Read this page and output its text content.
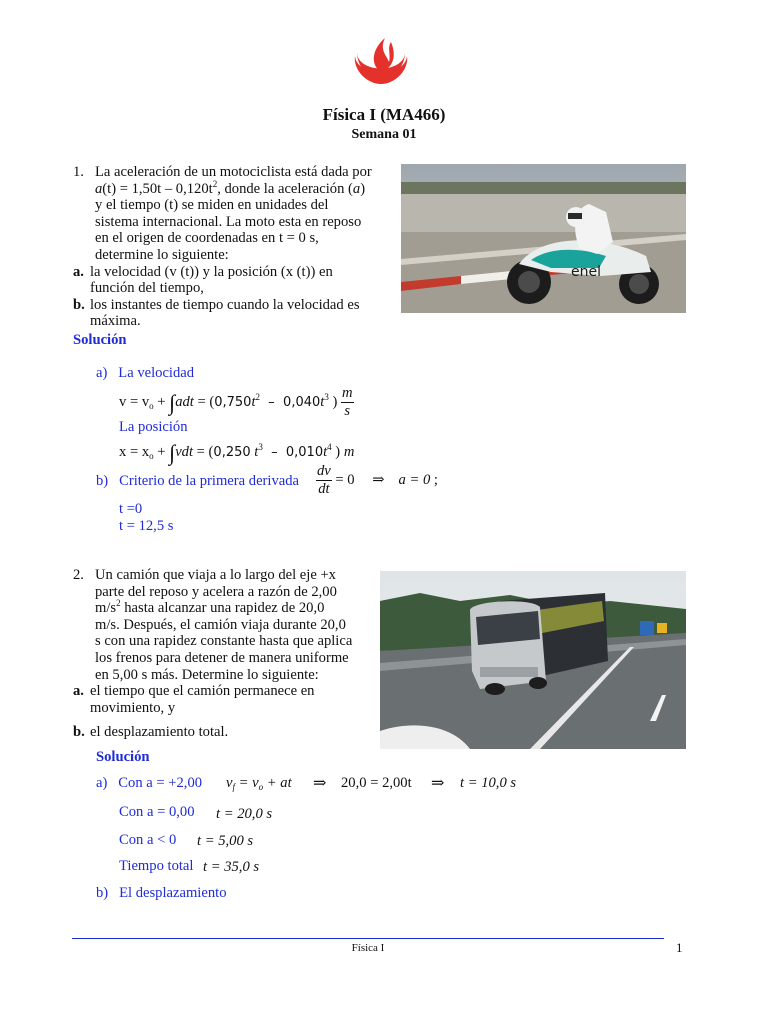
Física I (MA466)
Semana 01
1. La aceleración de un motociclista está dada por

$a(t) = 1,50t - 0,120t^2$, donde la aceleración (a)

y el tiempo (t) se miden en unidades del

sistema internacional. La moto esta en reposo

en el origen de coordenadas en t = 0 s,

determine lo siguiente:

a. la velocidad (v (t)) y la posición (x (t)) en

función del tiempo,

b. los instantes de tiempo cuando la velocidad es

máxima.

enel
Solución
a)   La velocidad
$v = v_o + \int adt = (0,750t^2 - 0,040t^3$ ) $\frac{m}{s}$
La posición
$x = x_o + \int vdt = (0,250$ $t^3 - 0,010t^4$ ) m
b)   Criterio de la primera derivada $\frac{dv}{dt} = 0$ ⇒ a = 0 ;
t =0
t = 12,5 s
2. Un camión que viaja a lo largo del eje +x

parte del reposo y acelera a razón de 2,00

$m/s^2$ hasta alcanzar una rapidez de 20,0

m/s. Después, el camión viaja durante 20,0

s con una rapidez constante hasta que aplica

los frenos para detener de manera uniforme

en 5,00 s más. Determine lo siguiente:

a. el tiempo que el camión permanece en

movimiento, y

b. el desplazamiento total.

Solución
a)   Con a = +2,00 $v_f = v_o$ + at ⇒ 20,0 = 2,00t ⇒ t = 10,0 s
Con a = 0,00 t = 20,0 s
Con a < 0 t = 5,00 s
Tiempo total t = 35,0 s
b)   El desplazamiento
Física I	1
